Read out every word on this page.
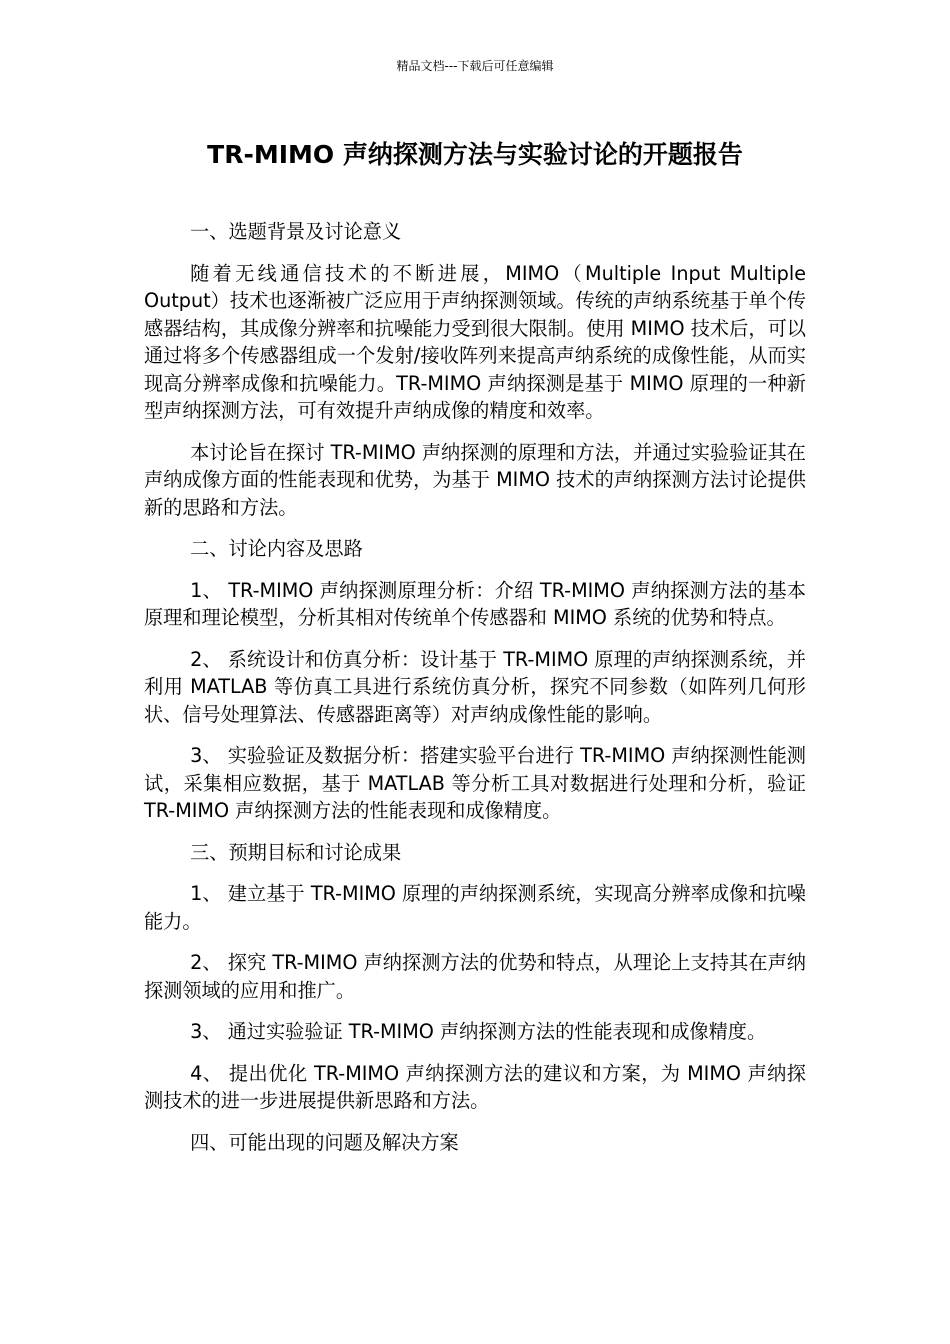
精品文档---下载后可任意编辑
TR-MIMO 声纳探测方法与实验讨论的开题报告

一、选题背景及讨论意义

随着无线通信技术的不断进展，MIMO（Multiple Input Multiple Output）技术也逐渐被广泛应用于声纳探测领域。传统的声纳系统基于单个传感器结构，其成像分辨率和抗噪能力受到很大限制。使用 MIMO 技术后，可以通过将多个传感器组成一个发射/接收阵列来提高声纳系统的成像性能，从而实现高分辨率成像和抗噪能力。TR-MIMO 声纳探测是基于 MIMO 原理的一种新型声纳探测方法，可有效提升声纳成像的精度和效率。

本讨论旨在探讨 TR-MIMO 声纳探测的原理和方法，并通过实验验证其在声纳成像方面的性能表现和优势，为基于 MIMO 技术的声纳探测方法讨论提供新的思路和方法。

二、讨论内容及思路

1、 TR-MIMO 声纳探测原理分析：介绍 TR-MIMO 声纳探测方法的基本原理和理论模型，分析其相对传统单个传感器和 MIMO 系统的优势和特点。

2、 系统设计和仿真分析：设计基于 TR-MIMO 原理的声纳探测系统，并利用 MATLAB 等仿真工具进行系统仿真分析，探究不同参数（如阵列几何形状、信号处理算法、传感器距离等）对声纳成像性能的影响。

3、 实验验证及数据分析：搭建实验平台进行 TR-MIMO 声纳探测性能测试，采集相应数据，基于 MATLAB 等分析工具对数据进行处理和分析，验证 TR-MIMO 声纳探测方法的性能表现和成像精度。

三、预期目标和讨论成果

1、 建立基于 TR-MIMO 原理的声纳探测系统，实现高分辨率成像和抗噪能力。

2、 探究 TR-MIMO 声纳探测方法的优势和特点，从理论上支持其在声纳探测领域的应用和推广。

3、 通过实验验证 TR-MIMO 声纳探测方法的性能表现和成像精度。

4、 提出优化 TR-MIMO 声纳探测方法的建议和方案，为 MIMO 声纳探测技术的进一步进展提供新思路和方法。

四、可能出现的问题及解决方案
